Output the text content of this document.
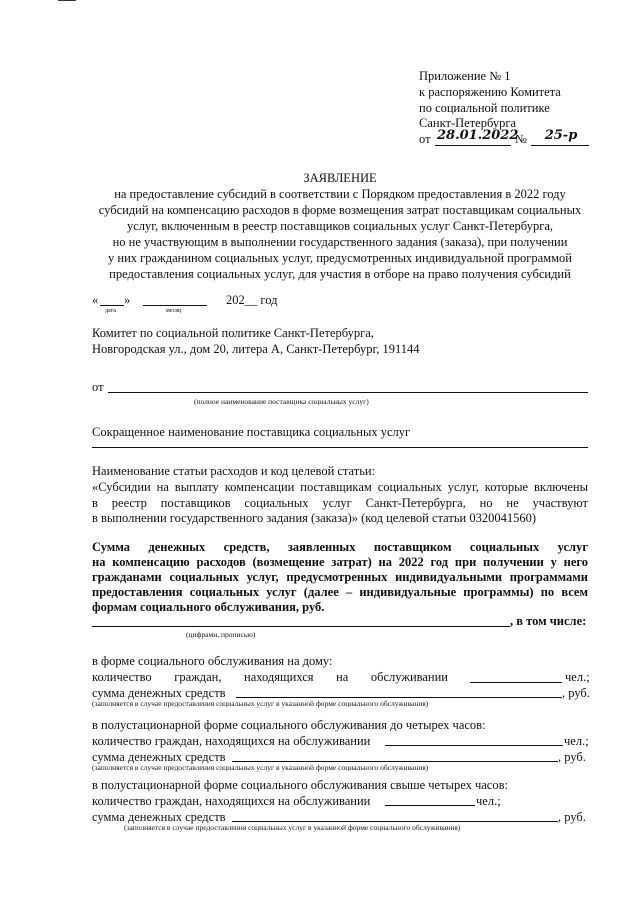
Приложение № 1
к распоряжению Комитета
по социальной политике
Санкт-Петербурга
от 28.01.2022
№	25-р
ЗАЯВЛЕНИЕ
на предоставление субсидий в соответствии с Порядком предоставления в 2022 году
субсидий на компенсацию расходов в форме возмещения затрат поставщикам социальных
услуг, включенным в реестр поставщиков социальных услуг Санкт-Петербурга,
но не участвующим в выполнении государственного задания (заказа), при получении
у них гражданином социальных услуг, предусмотренных индивидуальной программой
предоставления социальных услуг, для участия в отборе на право получения субсидий
« »	202__ год
дата	месяц
Комитет по социальной политике Санкт-Петербурга,
Новгородская ул., дом 20, литера А, Санкт-Петербург, 191144
от
(полное наименование поставщика социальных услуг)
Сокращенное наименование поставщика социальных услуг
Наименование статьи расходов и код целевой статьи:
«Субсидии на выплату компенсации поставщикам социальных услуг, которые включены
в реестр поставщиков социальных услуг Санкт-Петербурга, но не участвуют
в выполнении государственного задания (заказа)» (код целевой статьи 0320041560)
Сумма денежных средств, заявленных поставщиком социальных услуг
на компенсацию расходов (возмещение затрат) на 2022 год при получении у него
гражданами социальных услуг, предусмотренных индивидуальными программами
предоставления социальных услуг (далее – индивидуальные программы) по всем
формам социального обслуживания, руб.
, в том числе:
(цифрами, прописью)
в форме социального обслуживания на дому:
количество граждан, находящихся на обслуживании	чел.;
сумма денежных средств	, руб.
(заполняется в случае предоставления социальных услуг в указанной форме социального обслуживания)
в полустационарной форме социального обслуживания до четырех часов:
количество граждан, находящихся на обслуживании	чел.;
сумма денежных средств	, руб.
(заполняется в случае предоставления социальных услуг в указанной форме социального обслуживания)
в полустационарной форме социального обслуживания свыше четырех часов:
количество граждан, находящихся на обслуживании	чел.;
сумма денежных средств	, руб.
(заполняется в случае предоставления социальных услуг в указанной форме социального обслуживания)
